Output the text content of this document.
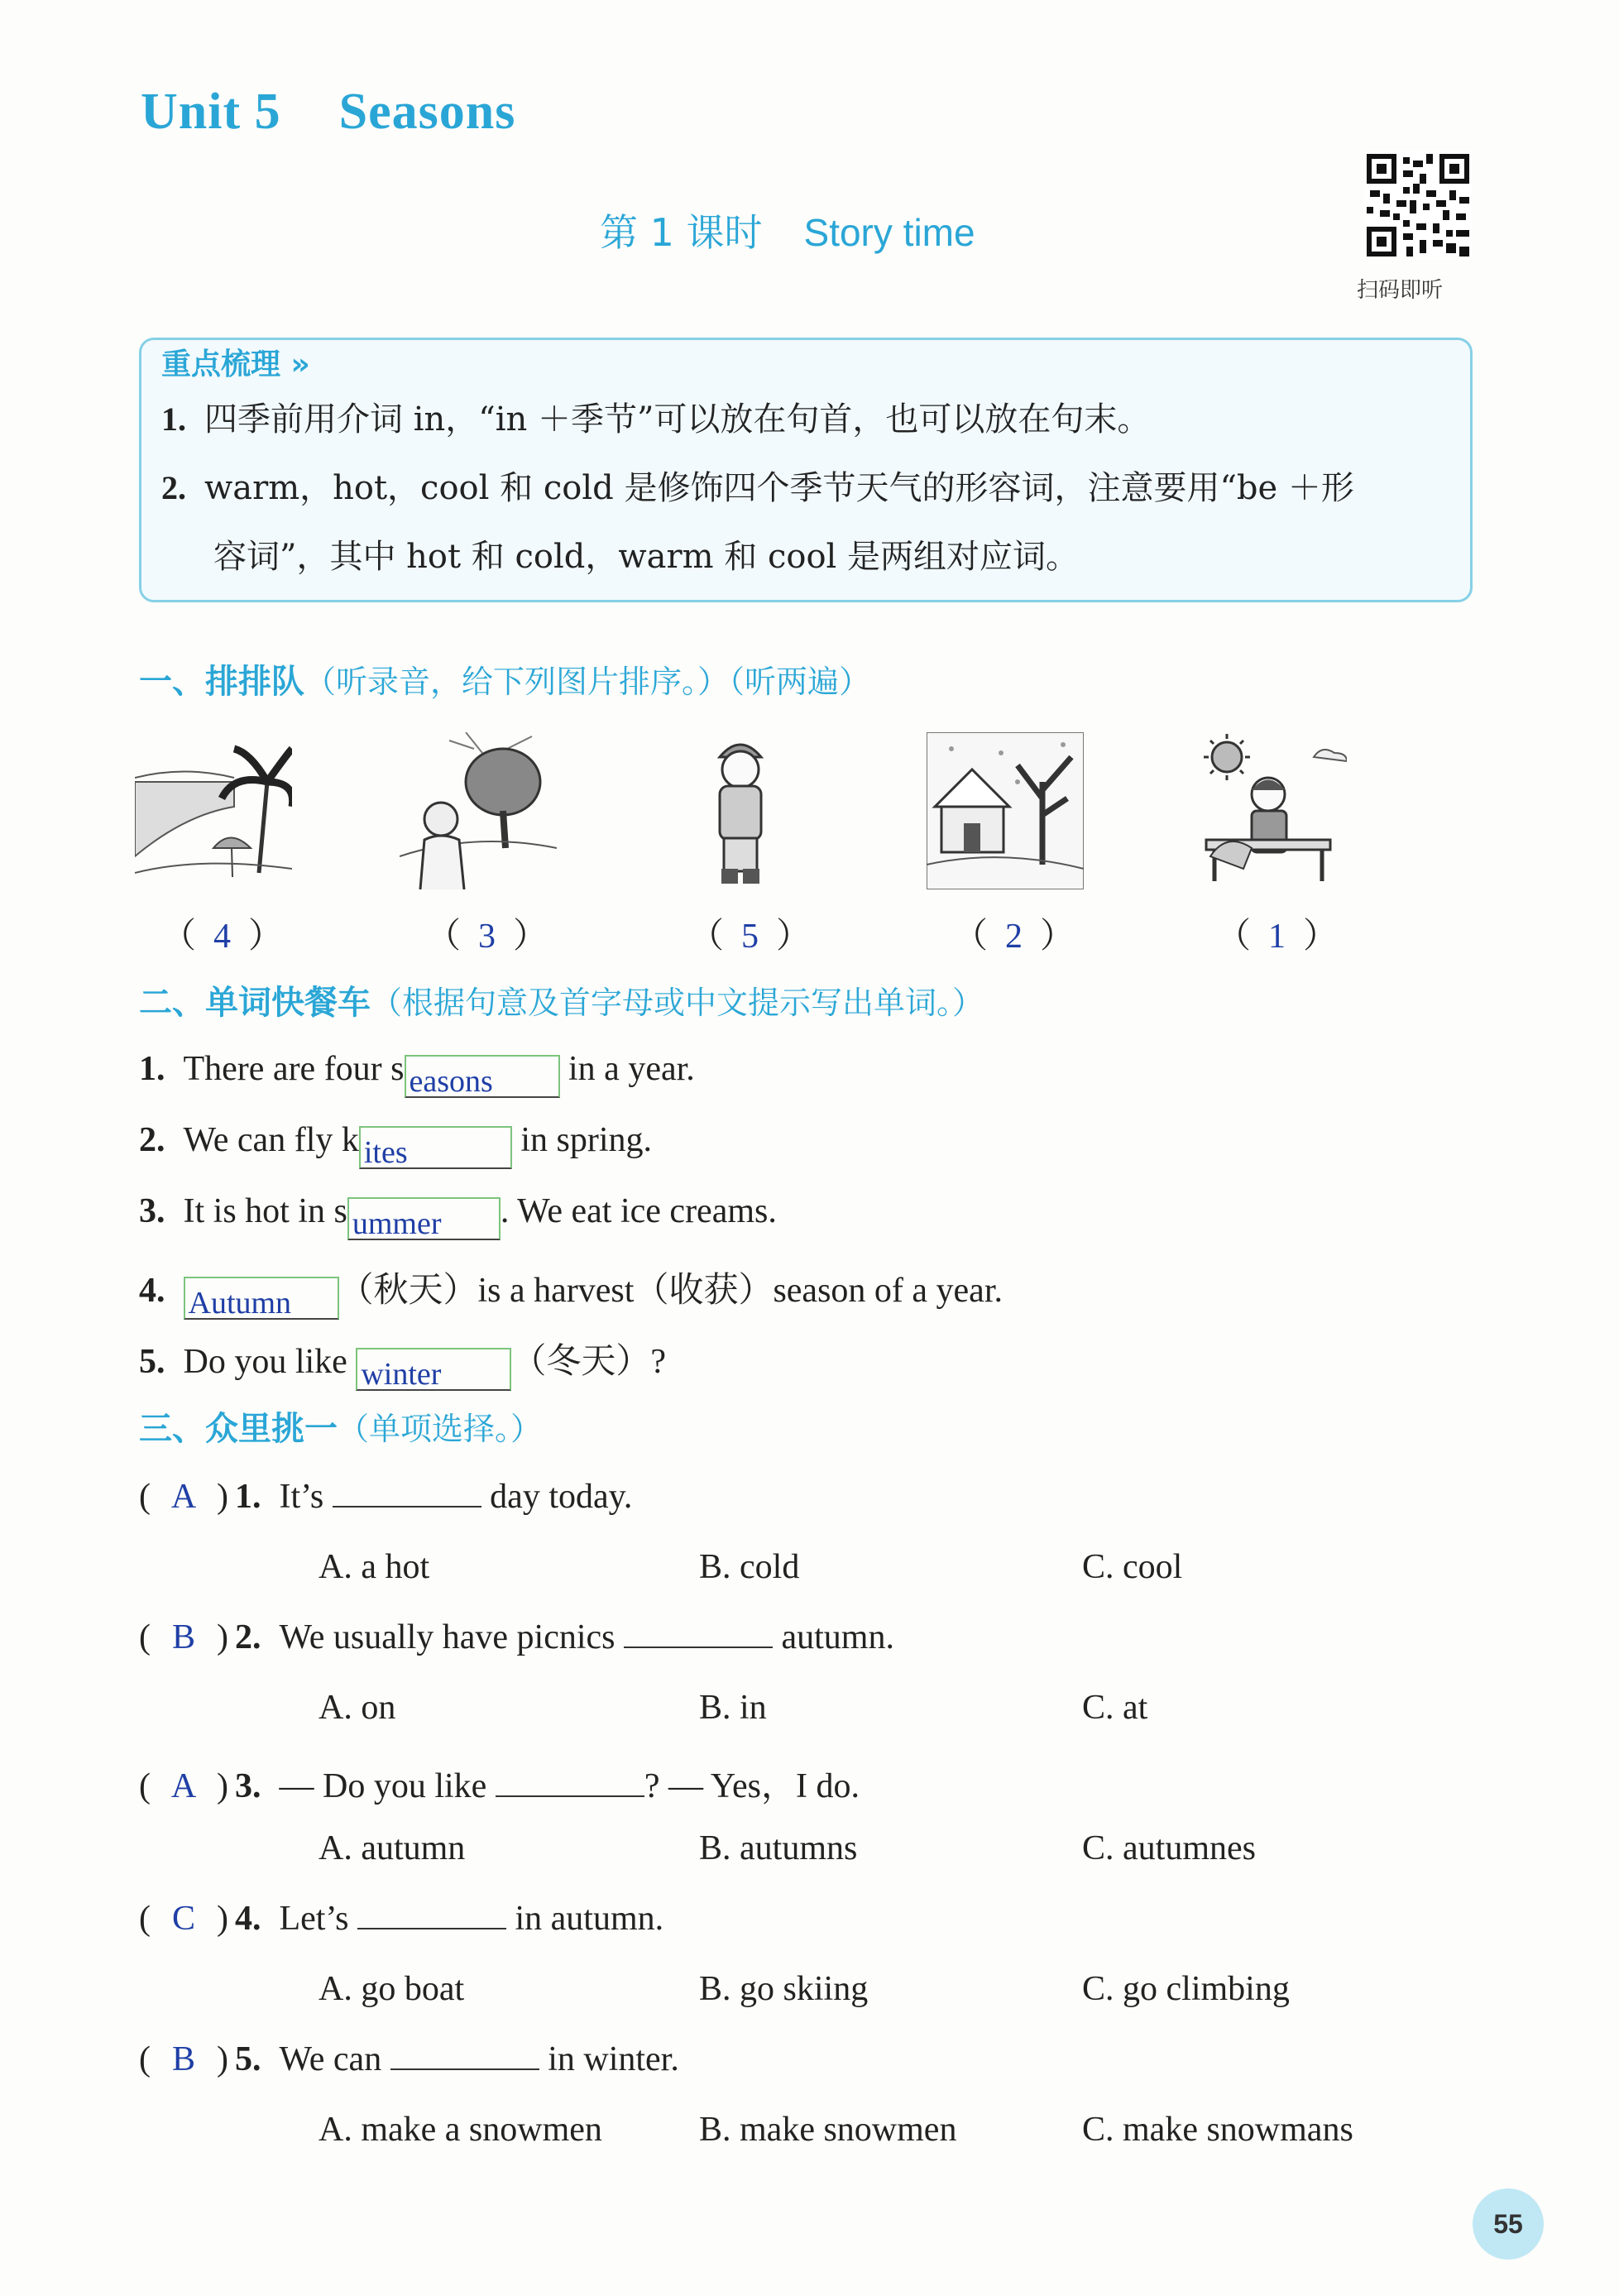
Unit 5 Seasons
第 1 课时 Story time
扫码即听
重点梳理 »
1. 四季前用介词 in，“in ＋季节”可以放在句首，也可以放在句末。
2. warm，hot，cool 和 cold 是修饰四个季节天气的形容词，注意要用“be ＋形
容词”，其中 hot 和 cold，warm 和 cool 是两组对应词。
一、排排队（听录音，给下列图片排序。）（听两遍）
（  4  ）	（  3  ）	（  5  ）	（  2  ）	（  1  ）
二、单词快餐车（根据句意及首字母或中文提示写出单词。）
1. There are four s easons in a year.
2. We can fly k ites	in spring.
3. It is hot in s ummer . We eat ice creams.
4. Autumn （秋天）is a harvest（收获）season of a year.
5. Do you like winter （冬天）?
三、众里挑一（单项选择。）
( A ) 1. It’s	day today.
A. a hot	B. cold	C. cool
( B ) 2. We usually have picnics	autumn.
A. on	B. in	C. at
( A ) 3. — Do you like	? — Yes，I do.
A. autumn	B. autumns	C. autumnes
( C ) 4. Let’s	in autumn.
A. go boat	B. go skiing	C. go climbing
( B ) 5. We can	in winter.
A. make a snowmen	B. make snowmen	C. make snowmans
55
